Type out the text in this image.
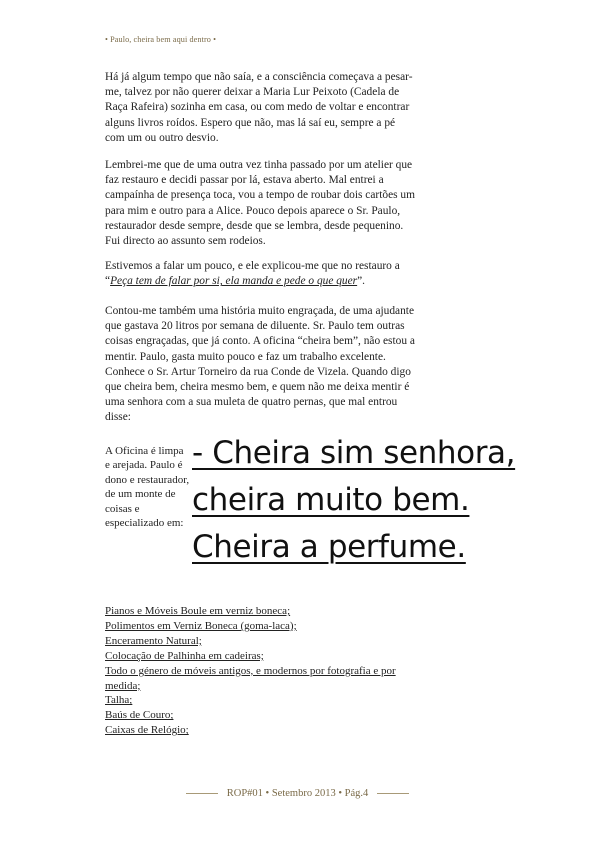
• Paulo, cheira bem aqui dentro •

Há já algum tempo que não saía, e a consciência começava a pesar-me, talvez por não querer deixar a Maria Lur Peixoto (Cadela de Raça Rafeira) sozinha em casa, ou com medo de voltar e encontrar alguns livros roídos. Espero que não, mas lá saí eu, sempre a pé com um ou outro desvio.

Lembrei-me que de uma outra vez tinha passado por um atelier que faz restauro e decidi passar por lá, estava aberto. Mal entrei a campaínha de presença toca, vou a tempo de roubar dois cartões um para mim e outro para a Alice. Pouco depois aparece o Sr. Paulo, restaurador desde sempre, desde que se lembra, desde pequenino. Fui directo ao assunto sem rodeios.

Estivemos a falar um pouco, e ele explicou-me que no restauro a “Peça tem de falar por si, ela manda e pede o que quer”.

Contou-me também uma história muito engraçada, de uma ajudante que gastava 20 litros por semana de diluente. Sr. Paulo tem outras coisas engraçadas, que já conto. A oficina “cheira bem”, não estou a mentir. Paulo, gasta muito pouco e faz um trabalho excelente. Conhece o Sr. Artur Torneiro da rua Conde de Vizela. Quando digo que cheira bem, cheira mesmo bem, e quem não me deixa mentir é uma senhora com a sua muleta de quatro pernas, que mal entrou disse:

A Oficina é limpa e arejada. Paulo é dono e restaurador, de um monte de coisas e especializado em:

- Cheira sim senhora,
cheira muito bem.
Cheira a perfume.
Pianos e Móveis Boule em verniz boneca;
Polimentos em Verniz Boneca (goma-laca);
Enceramento Natural;
Colocação de Palhinha em cadeiras;
Todo o género de móveis antigos, e modernos por fotografia e por medida;
Talha;
Baús de Couro;
Caixas de Relógio;
ROP#01 • Setembro 2013 • Pág.4
